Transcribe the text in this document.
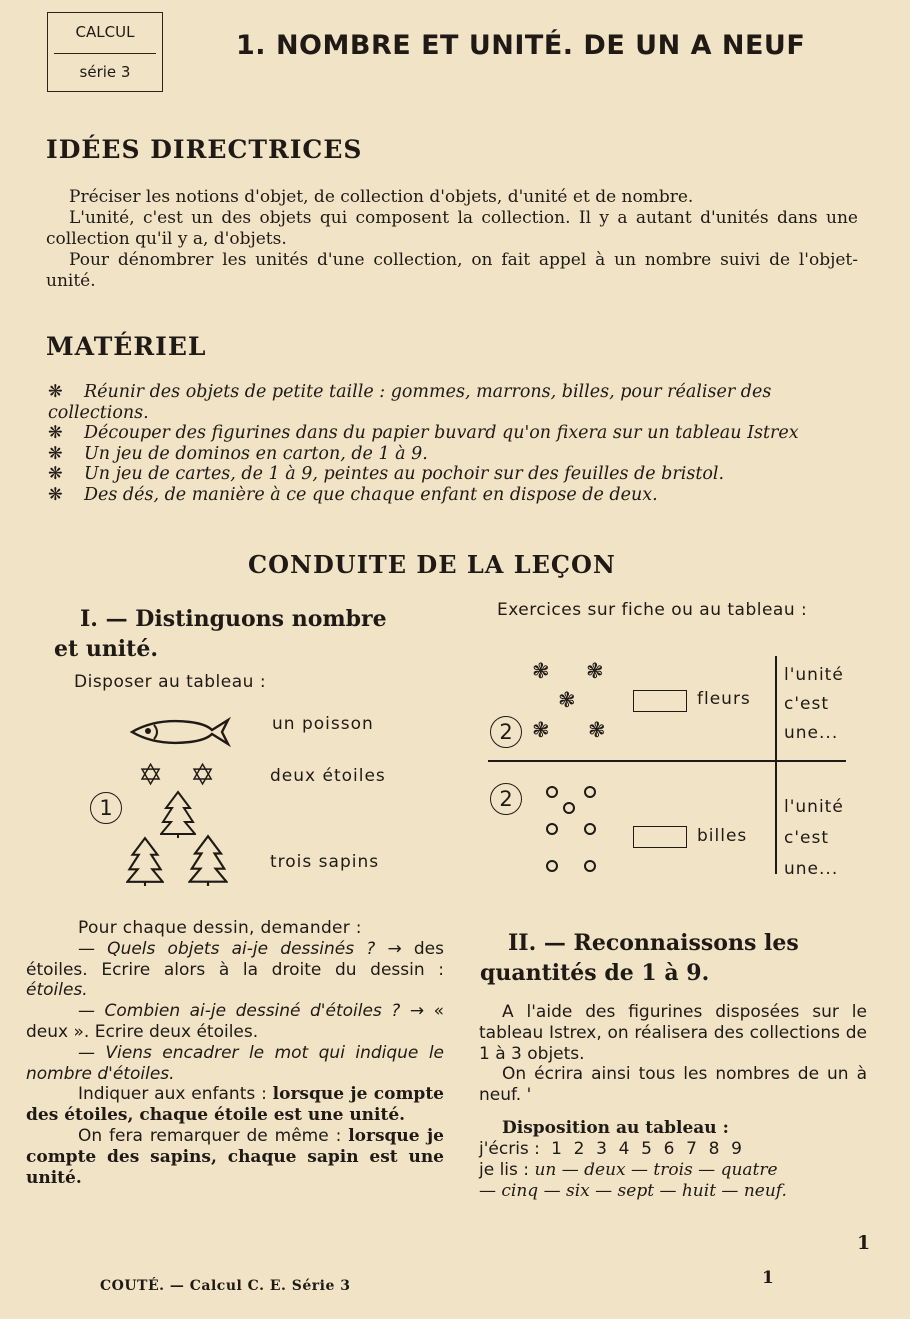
CALCUL
série 3
1. NOMBRE ET UNITÉ. DE UN A NEUF
IDÉES DIRECTRICES

Préciser les notions d'objet, de collection d'objets, d'unité et de nombre.

L'unité, c'est un des objets qui composent la collection. Il y a autant d'unités dans une collection qu'il y a, d'objets.

Pour dénombrer les unités d'une collection, on fait appel à un nombre suivi de l'objet-unité.

MATÉRIEL

❋ Réunir des objets de petite taille : gommes, marrons, billes, pour réaliser des collections.

❋ Découper des figurines dans du papier buvard qu'on fixera sur un tableau Istrex

❋ Un jeu de dominos en carton, de 1 à 9.

❋ Un jeu de cartes, de 1 à 9, peintes au pochoir sur des feuilles de bristol.

❋ Des dés, de manière à ce que chaque enfant en dispose de deux.

CONDUITE DE LA LEÇON
I. — Distinguons nombre
et unité.
Disposer au tableau :
un poisson
✡ ✡	deux étoiles
1
trois sapins

Pour chaque dessin, demander :

— Quels objets ai-je dessinés ? → des étoiles. Ecrire alors à la droite du dessin : étoiles.

— Combien ai-je dessiné d'étoiles ? → « deux ». Ecrire deux étoiles.

— Viens encadrer le mot qui indique le nombre d'étoiles.

Indiquer aux enfants : lorsque je compte des étoiles, chaque étoile est une unité.

On fera remarquer de même : lorsque je compte des sapins, chaque sapin est une unité.

Exercices sur fiche ou au tableau :
❃ ❃
❃
❃ ❃
2
fleurs
l'unité
c'est
une...
2
billes
l'unité
c'est
une...
II. — Reconnaissons les
quantités de 1 à 9.

A l'aide des figurines disposées sur le tableau Istrex, on réalisera des collections de 1 à 3 objets.

On écrira ainsi tous les nombres de un à neuf. '

Disposition au tableau :
j'écris : 1 2 3 4 5 6 7 8 9
je lis : un — deux — trois — quatre
— cinq — six — sept — huit — neuf.
1
COUTÉ. — Calcul C. E. Série 3	1
